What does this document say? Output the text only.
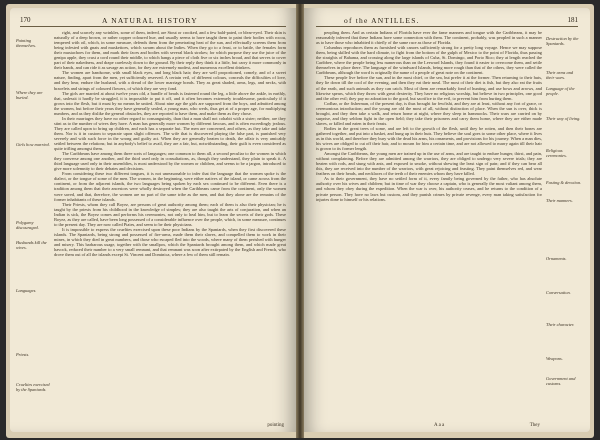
170	A NATURAL HISTORY
Painting themselves.
Where they are buried.
Girls how married.
Polygamy discouraged.
Husbands kill the wives.
Languages.
Priests.
Cruelties exercised by the Spaniards.

right, and scarcely any wrinkles, some of them, indeed, are Stout or crooked, and a few bald-pated, or blear-eyed. Their skin is naturally of a deep brown, or rather copper coloured hue, and usually seems to have taught them to paint their bodies with rocou, tempered with oil, which, in some measure, defends them from the penetrating heat of the sun, and effectually screens them from being infested with gnats and muskettoes, which swarm about the Indies. When they go to a feast, or to battle, the females form their mustachoes for them, and mark their faces and bodies with several black strokes; for which purpose they use the juice of the genipa apple, they crust a cord round their middle, to which hangs a piece of cloth five or six inches broad, and that serves to cover part of their nakedness, and drape carelessly down to the ground. By their reply they think it a little, but carry it more commonly in their hands, and can ride it as savage an action, for they are extremely modest, and numerous excellent drinkers.

The women are handsome, with small black eyes, and long black hair; they are well proportioned, comely, and of a sweet nature, finding, apart from the men, yet sufficiently reserved. A certain veil, of different colours, conceals the difficulties of love, and they hear, endure the husband, with a dread of the lower marriage bonds. They as great shaded, arms, legs, and necks, with bracelets and strings of coloured flowers, of which they are very fond.

The girls are married at about twelve years old, a bundle of beads is fastened round the leg, a little above the ankle, in earthly, that, unlessit it hardly be struggled, it is impossible to put it off, and it often becomes extremely troublesome, particularly if it grows into the flesh, but it must by no means be untied. About nine age the girls are supposed from the boys, and admitted among the women, but before their years they have generally sealed, a young man, who weds, thus get at of a proper age, for multiplying numbers, and as they dislike the general obstacles, they are reported to have them, and make them as they chose.

In their marriages they have no other regard to consanguinity, than that a man shall not cohabit with a sister; neither, are they stint as to the number of wives they have. A man has generally more women by different favours, and is often exceedingly jealous. They are called upon to bring up children, and each has a separate hut. The men are concerned, and others, as they take and take them. Nor is it in custom to separate upon slight offences. The wife that is discovered playing the false part, is punished very severely and with such force in the wrong and guilty act. When they are generally beaten to death, the affair is very amicably settled between the relations; but in anybody's belief to avail, they are a fair, but, notwithstanding, their guilt is even considered as quite trifling amongst them.

The Caribbeans have among them three sorts of languages; one common to them all, a second peculiar to the women in which they converse among one another, and the third used only in consultations, as, though they understand, they plain to speak it. A third language used only in their assemblies, is most understood by the women or children, and seems to be a jargon, introduced to give more solemnity to their debates and decisions.

From considering these two different tongues, it is not unreasonable to infer that the language that the women spoke is the dialect, or the tongue of some of the men. The women, in the beginning, were either natives of the island, or came across from the continent, or from the adjacent islands, the two languages being spoken by each sex continued to be different. Even there is a tradition among them that their ancestors were wholly destroyed when the Caribbeans came from the continent, only the women were saved, and that, therefore, the women are no part of the same tribe as the men, and that they alone are the remains of the former inhabitants of these islands.

Their Priests, whom they call Boyez, are persons of great authority among them; each of them is also their physician; he is taught by the priests from his childhood in the knowledge of simples; they are also taught the arts of conjuration, and when an Indian is sick, the Boyez comes and performs his ceremonies, not only to heal him, but to learn the secrets of their gods. These Boyez, as they are called, have been long possessed of a considerable influence over the people, which, in some measure, continues to the present day. They are now called Piaies, and seem to be their physicians.

It is impossible to express the cruelties exercised upon these poor Indians by the Spaniards, when they first discovered these islands. The Spaniards, being strong and possessed of fire-arms, made them their slaves, and compelled them to work in their mines, in which they died in great numbers, and those who escaped fled into the woods, where many of them perished with hunger and misery. This barbarous usage, together with the smallpox, which the Spaniards brought among them, and which made great havock, reduced their number to a very small remnant, and that remnant was soon after extirpated by the English and French, who drove them out of all the islands except St. Vincent and Dominica, where a few of them still remain.

pointing
of the ANTILLES.	181

peopling them. And as certain Indians of Florida have ever the fame manners and tongue with the Caribbeans, it may be reasonably inferred that these Indians have some connection with them. The continent, probably, was peopled in such a manner as to have those who inhabited it chiefly of the same race as those of Florida.

Columbus reproduces them as furnished with canoes sufficiently strong for a pretty long voyage. Hence we may suppose them, being skilled with the hard climate, to fight from the bottom of the gulph of Mexico to the point of Florida, thus passing the straights of Bahama, and crossing along the large islands of Cuba, St. Domingo, and Porto Rico; they at length reached the Caribbee, where the people being less numerous than on the Leeward Islands, they found it easier to overcome them, and settle themselves in place there. The language of the windward Islands, being more rough than that of the others, they were called the Caribbeans, although the word is originally the name of a people of great note on the continent.

These people live before the sun, and in the most chief, or the sea, but prefer it at the former. Then returning to their huts, they lie down till the cool of the evening, and then they eat their meal. The most of their diet is fish, but they also eat the fruits of the earth, and such animals as they can catch. Most of them are remarkably fond of hunting, and use bows and arrows, and likewise spears, which they throw with great dexterity. They have no religious worship, but believe in two principles, one good and the other evil; they pay no adoration to the good, but sacrifice to the evil, to prevent him from hurting them.

Codbar, or the fisherman, of the present day, is thus brought far fewfishi, and they are at least, without any fort of grace, or ceremonious introduction; and the young are old the most of all, without distinction of place. When the sun is over, thick is brought, and they then take a walk, and return home at night, where they sleep in hammocks. Their wars are carried on by surprise, and they seldom fight in the open field; they take their prisoners and carry them home, where they are either made slaves, or killed and eaten in their feasts.

Bodies in the great trees of some, and are left to the growth of the flesh, until they be rotten, and then their bones are gathered together, and put into a basket, and hung up in their huts. They believe the soul goes to some other place, where it lives as in this world, and therefore they bury with the dead his arms, his ornaments, and provisions for his journey. When a man dies, his wives are obliged to cut off their hair, and to mourn for him a certain time, and are not allowed to marry again till their hair is grown to its former length.

Amongst the Caribbeans, the young men are trained up in the use of arms, and are taught to endure hunger, thirst, and pain, without complaining. Before they are admitted among the warriors, they are obliged to undergo very severe trials; they are beaten with rods, and stung with ants, and exposed to smoke, without shewing the least sign of pain; and if they can bear all this, they are received into the number of the warriors, with great rejoicing and feasting. They paint themselves red, and wear feathers on their heads, and necklaces of the teeth of their enemies whom they have killed.

As to their government, they have no settled form of it, every family being governed by the father, who has absolute authority over his wives and children; but in time of war they choose a captain, who is generally the most valiant among them, and whom they obey during the expedition. When the war is over, his authority ceases, and he returns to the condition of a private person. They have no laws but custom, and they punish crimes by private revenge, every man taking satisfaction for injuries done to himself or his relations.

Destruction by the Spaniards.
Their arms and their wars.
Language of the people.
Their way of living.
Religious ceremonies.
Fasting & devotion.
Their manners.
Ornaments.
Conversation.
Their character.
Weapons.
Government and customs.
A a a	They
